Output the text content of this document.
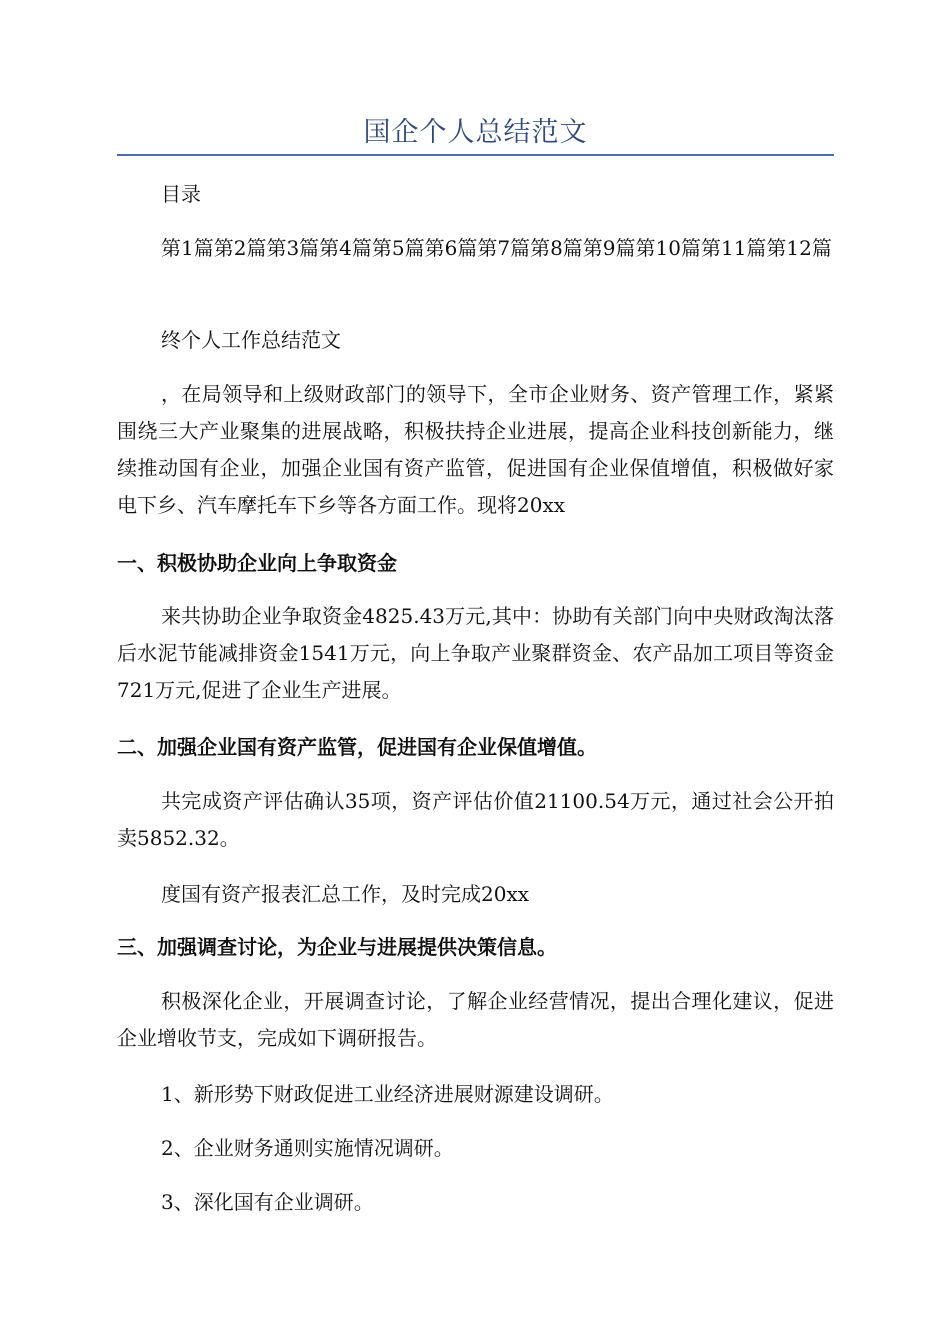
国企个人总结范文

目录

第1篇第2篇第3篇第4篇第5篇第6篇第7篇第8篇第9篇第10篇第11篇第12篇

终个人工作总结范文

，在局领导和上级财政部门的领导下，全市企业财务、资产管理工作，紧紧围绕三大产业聚集的进展战略，积极扶持企业进展，提高企业科技创新能力，继续推动国有企业，加强企业国有资产监管，促进国有企业保值增值，积极做好家电下乡、汽车摩托车下乡等各方面工作。现将20xx

一、积极协助企业向上争取资金

来共协助企业争取资金4825.43万元,其中：协助有关部门向中央财政淘汰落后水泥节能减排资金1541万元，向上争取产业聚群资金、农产品加工项目等资金721万元,促进了企业生产进展。

二、加强企业国有资产监管，促进国有企业保值增值。

共完成资产评估确认35项，资产评估价值21100.54万元，通过社会公开拍卖5852.32。

度国有资产报表汇总工作，及时完成20xx

三、加强调查讨论，为企业与进展提供决策信息。

积极深化企业，开展调查讨论，了解企业经营情况，提出合理化建议，促进企业增收节支，完成如下调研报告。

1、新形势下财政促进工业经济进展财源建设调研。

2、企业财务通则实施情况调研。

3、深化国有企业调研。
